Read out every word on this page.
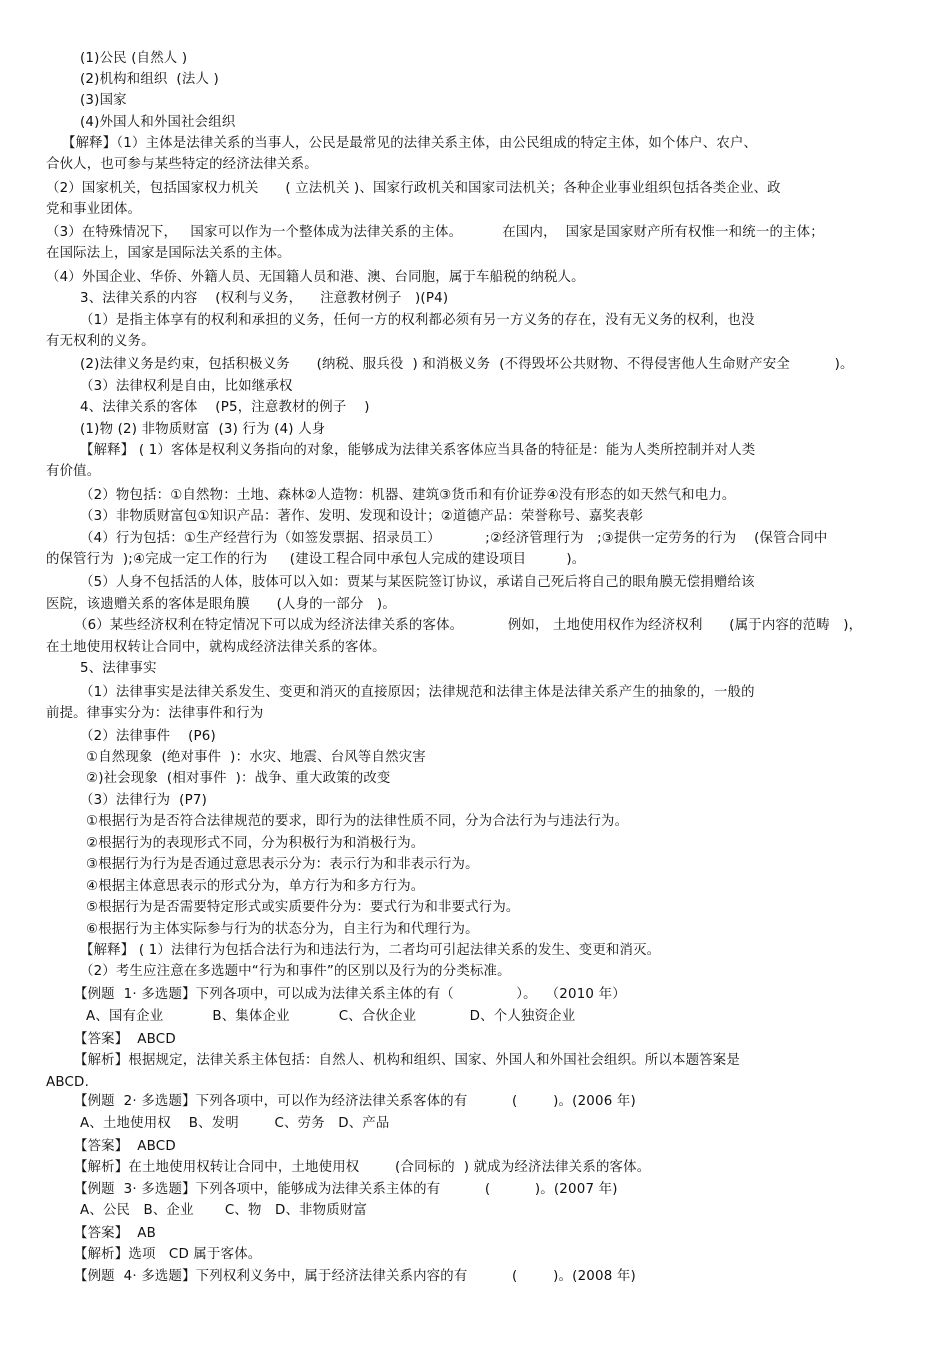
(1)公民 (自然人 )
(2)机构和组织  (法人 )
(3)国家
(4)外国人和外国社会组织
【解释】（1）主体是法律关系的当事人，公民是最常见的法律关系主体，由公民组成的特定主体，如个体户、农户、
合伙人，也可参与某些特定的经济法律关系。
（2）国家机关，包括国家权力机关      ( 立法机关 )、国家行政机关和国家司法机关；各种企业事业组织包括各类企业、政
党和事业团体。
（3）在特殊情况下，   国家可以作为一个整体成为法律关系的主体。         在国内，  国家是国家财产所有权惟一和统一的主体；
在国际法上，国家是国际法关系的主体。
（4）外国企业、华侨、外籍人员、无国籍人员和港、澳、台同胞，属于车船税的纳税人。
3、法律关系的内容    (权利与义务，    注意教材例子   )(P4)
（1）是指主体享有的权利和承担的义务，任何一方的权利都必须有另一方义务的存在，没有无义务的权利，也没
有无权利的义务。
(2)法律义务是约束，包括积极义务      (纳税、服兵役  ) 和消极义务  (不得毁坏公共财物、不得侵害他人生命财产安全          )。
（3）法律权利是自由，比如继承权
4、法律关系的客体    (P5，注意教材的例子    )
(1)物 (2) 非物质财富  (3) 行为 (4) 人身
【解释】 ( 1）客体是权利义务指向的对象，能够成为法律关系客体应当具备的特征是：能为人类所控制并对人类
有价值。
（2）物包括：①自然物：土地、森林②人造物：机器、建筑③货币和有价证券④没有形态的如天然气和电力。
（3）非物质财富包①知识产品：著作、发明、发现和设计；②道德产品：荣誉称号、嘉奖表彰
（4）行为包括：①生产经营行为（如签发票据、招录员工）          ;②经济管理行为   ;③提供一定劳务的行为    (保管合同中
的保管行为  );④完成一定工作的行为     (建设工程合同中承包人完成的建设项目         )。
（5）人身不包括活的人体，肢体可以入如：贾某与某医院签订协议，承诺自己死后将自己的眼角膜无偿捐赠给该
医院，该遗赠关系的客体是眼角膜      (人身的一部分   )。
（6）某些经济权利在特定情况下可以成为经济法律关系的客体。          例如， 土地使用权作为经济权利      (属于内容的范畴   )，
在土地使用权转让合同中，就构成经济法律关系的客体。
5、法律事实
（1）法律事实是法律关系发生、变更和消灭的直接原因；法律规范和法律主体是法律关系产生的抽象的，一般的
前提。律事实分为：法律事件和行为
（2）法律事件    (P6)
①自然现象  (绝对事件  )：水灾、地震、台风等自然灾害
②)社会现象  (相对事件  )：战争、重大政策的改变
（3）法律行为  (P7)
①根据行为是否符合法律规范的要求，即行为的法律性质不同，分为合法行为与违法行为。
②根据行为的表现形式不同，分为积极行为和消极行为。
③根据行为行为是否通过意思表示分为：表示行为和非表示行为。
④根据主体意思表示的形式分为，单方行为和多方行为。
⑤根据行为是否需要特定形式或实质要件分为：要式行为和非要式行为。
⑥根据行为主体实际参与行为的状态分为，自主行为和代理行为。
【解释】 ( 1）法律行为包括合法行为和违法行为，二者均可引起法律关系的发生、变更和消灭。
（2）考生应注意在多选题中“行为和事件”的区别以及行为的分类标准。
【例题  1· 多选题】下列各项中，可以成为法律关系主体的有（              ）。  （2010 年）
A、国有企业           B、集体企业           C、合伙企业            D、个人独资企业
【答案】  ABCD
【解析】根据规定，法律关系主体包括：自然人、机构和组织、国家、外国人和外国社会组织。所以本题答案是
ABCD.
【例题  2· 多选题】下列各项中，可以作为经济法律关系客体的有          (        )。(2006 年)
A、土地使用权    B、发明        C、劳务   D、产品
【答案】  ABCD
【解析】在土地使用权转让合同中，土地使用权        (合同标的  ) 就成为经济法律关系的客体。
【例题  3· 多选题】下列各项中，能够成为法律关系主体的有          (          )。(2007 年)
A、公民   B、企业       C、物   D、非物质财富
【答案】  AB
【解析】选项   CD 属于客体。
【例题  4· 多选题】下列权利义务中，属于经济法律关系内容的有          (        )。(2008 年)
